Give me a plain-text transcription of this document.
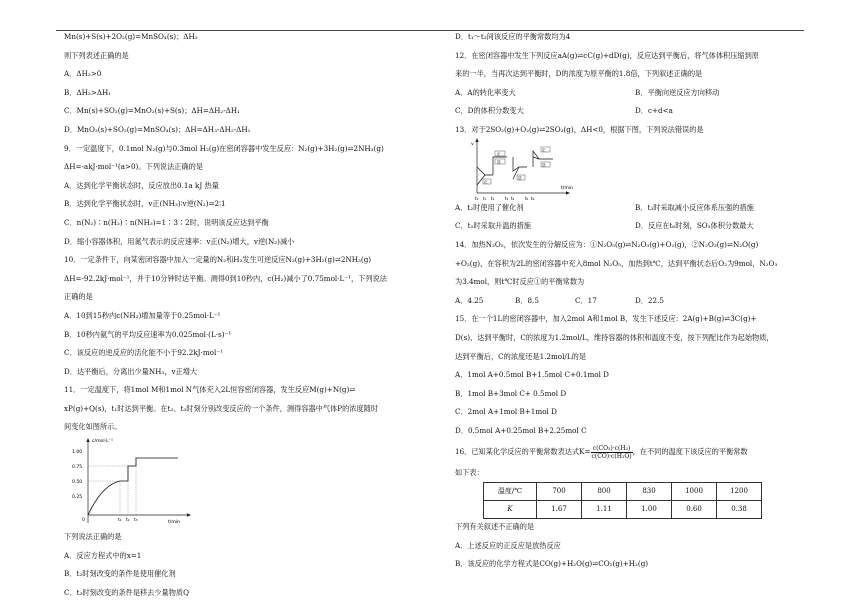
Mn(s)+S(s)+2O₂(g)=MnSO₄(s)；ΔH₃
则下列表述正确的是
A．ΔH₂>0
B．ΔH₃>ΔH₁
C．Mn(s)+SO₂(g)=MnO₂(s)+S(s)；ΔH=ΔH₂-ΔH₁
D．MnO₂(s)+SO₂(g)=MnSO₄(s)；ΔH=ΔH₃-ΔH₂-ΔH₁
9．一定温度下，0.1mol N₂(g)与0.3mol H₂(g)在密闭容器中发生反应：N₂(g)+3H₂(g)⇌2NH₃(g)
ΔH=-akJ·mol⁻¹(a>0)。下列说法正确的是
A．达到化学平衡状态时，反应放出0.1a kJ 热量
B．达到化学平衡状态时，v正(NH₃)∶v逆(N₂)=2∶1
C．n(N₂)∶n(H₂)∶n(NH₃)=1∶3∶2时，说明该反应达到平衡
D．缩小容器体积，用氮气表示的反应速率：v正(N₂)增大，v逆(N₂)减小
10．一定条件下，向某密闭容器中加入一定量的N₂和H₂发生可逆反应N₂(g)+3H₂(g)⇌2NH₃(g)
ΔH=-92.2kJ·mol⁻¹，并于10分钟时达平衡。测得0到10秒内，c(H₂)减小了0.75mol·L⁻¹，下列说法
正确的是
A．10到15秒内c(NH₃)增加量等于0.25mol·L⁻¹
B．10秒内氨气的平均反应速率为0.025mol·(L·s)⁻¹
C．该反应的逆反应的活化能不小于92.2kJ·mol⁻¹
D．达平衡后，分离出少量NH₃，v正增大
11．一定温度下，将1mol M和1mol N气体充入2L恒容密闭容器，发生反应M(g)+N(g)⇌
xP(g)+Q(s)，t₁时达到平衡。在t₂、t₃时刻分别改变反应的一个条件，测得容器中气体P的浓度随时
间变化如图所示。
c/mol·L⁻¹
t/min
1.00
0.75
0.50
0.25
0	t₁ t₂ t₃
下列说法正确的是
A．反应方程式中的x=1
B．t₂时刻改变的条件是使用催化剂
C．t₃时刻改变的条件是移去少量物质Q
D．t₁～t₃间该反应的平衡常数均为4
12．在密闭容器中发生下列反应aA(g)⇌cC(g)+dD(g)，反应达到平衡后，将气体体积压缩到原
来的一半，当再次达到平衡时，D的浓度为原平衡的1.8倍，下列叙述正确的是
A．A的转化率变大	B．平衡向逆反应方向移动
C．D的体积分数变大	D．c+d<a
13．对于2SO₂(g)+O₂(g)⇌2SO₃(g)，ΔH<0，根据下图，下列说法错误的是
v
t/min
正
逆
正
逆
正
逆
t₀ t₁ t₂	t₃ t₄	t₅ t₆
A．t₂时使用了催化剂	B．t₃时采取减小反应体系压强的措施
C．t₅时采取升温的措施	D．反应在t₆时刻，SO₃体积分数最大
14．加热N₂O₅，依次发生的分解反应为：①N₂O₅(g)⇌N₂O₃(g)+O₂(g)，②N₂O₃(g)⇌N₂O(g)
+O₂(g)，在容积为2L的密闭容器中充入8mol N₂O₅，加热到t℃，达到平衡状态后O₂为9mol，N₂O₃
为3.4mol，则t℃时反应①的平衡常数为
A．4.25	B．8.5	C．17	D．22.5
15．在一个1L的密闭容器中，加入2mol A和1mol B，发生下述反应：2A(g)+B(g)⇌3C(g)+
D(s)，达到平衡时，C的浓度为1.2mol/L，维持容器的体积和温度不变，按下列配比作为起始物质，
达到平衡后，C的浓度还是1.2mol/L的是
A．1mol A+0.5mol B+1.5mol C+0.1mol D
B．1mol B+3mol C+ 0.5mol D
C．2mol A+1mol B+1mol D
D．0.5mol A+0.25mol B+2.25mol C
16．已知某化学反应的平衡常数表达式$K= \frac{\text{c(CO₂)·c(H₂)}}{\text{c(CO)·c(H₂O)}}$ ，在不同的温度下该反应的平衡常数
如下表：
温度/℃	700	800	830	1000	1200
K	1.67	1.11	1.00	0.60	0.38
下列有关叙述不正确的是
A．上述反应的正反应是放热反应
B．该反应的化学方程式是CO(g)+H₂O(g)⇌CO₂(g)+H₂(g)
